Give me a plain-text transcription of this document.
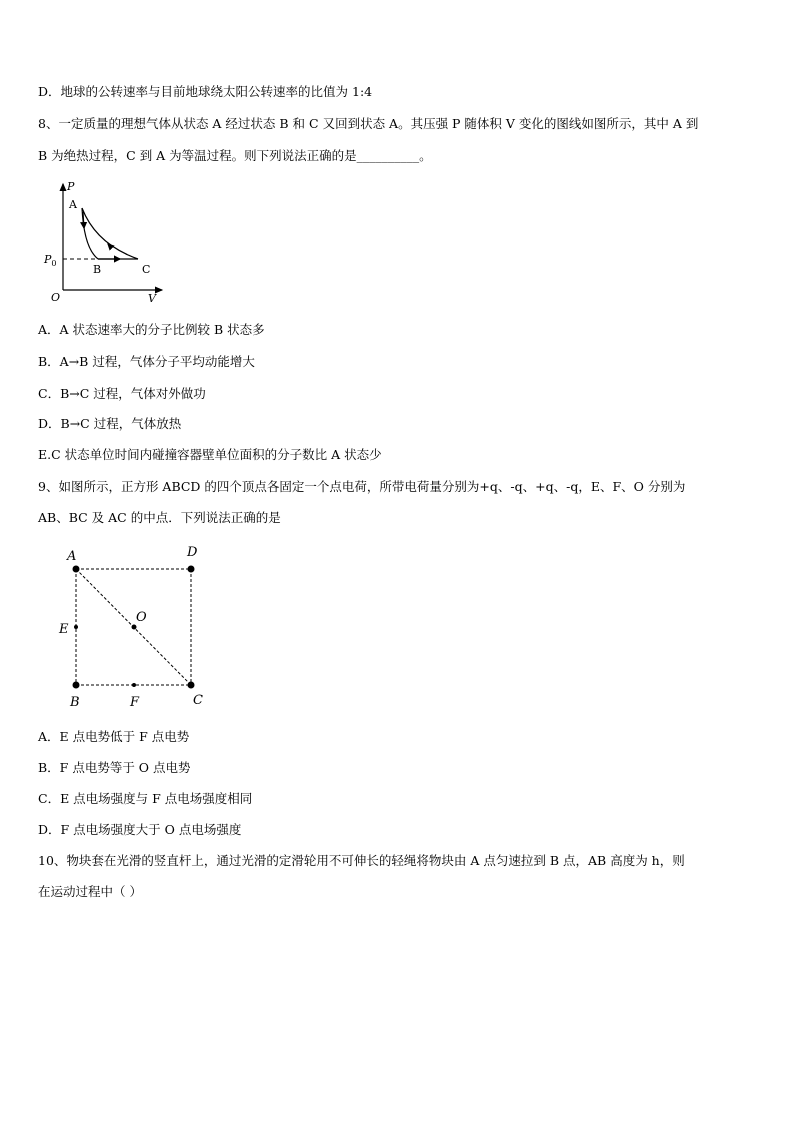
D．地球的公转速率与目前地球绕太阳公转速率的比值为 1:4
8、一定质量的理想气体从状态 A 经过状态 B 和 C 又回到状态 A。其压强 P 随体积 V 变化的图线如图所示，其中 A 到
B 为绝热过程，C 到 A 为等温过程。则下列说法正确的是__________。
P
V
O
$P_0$
A
B	C
A．A 状态速率大的分子比例较 B 状态多
B．A→B 过程，气体分子平均动能增大
C．B→C 过程，气体对外做功
D．B→C 过程，气体放热
E.C 状态单位时间内碰撞容器壁单位面积的分子数比 A 状态少
9、如图所示，正方形 ABCD 的四个顶点各固定一个点电荷，所带电荷量分别为+q、-q、+q、-q，E、F、O 分别为
AB、BC 及 AC 的中点．下列说法正确的是
A	D
B	C
E
F
O
A．E 点电势低于 F 点电势
B．F 点电势等于 O 点电势
C．E 点电场强度与 F 点电场强度相同
D．F 点电场强度大于 O 点电场强度
10、物块套在光滑的竖直杆上，通过光滑的定滑轮用不可伸长的轻绳将物块由 A 点匀速拉到 B 点，AB 高度为 h，则
在运动过程中（ ）
